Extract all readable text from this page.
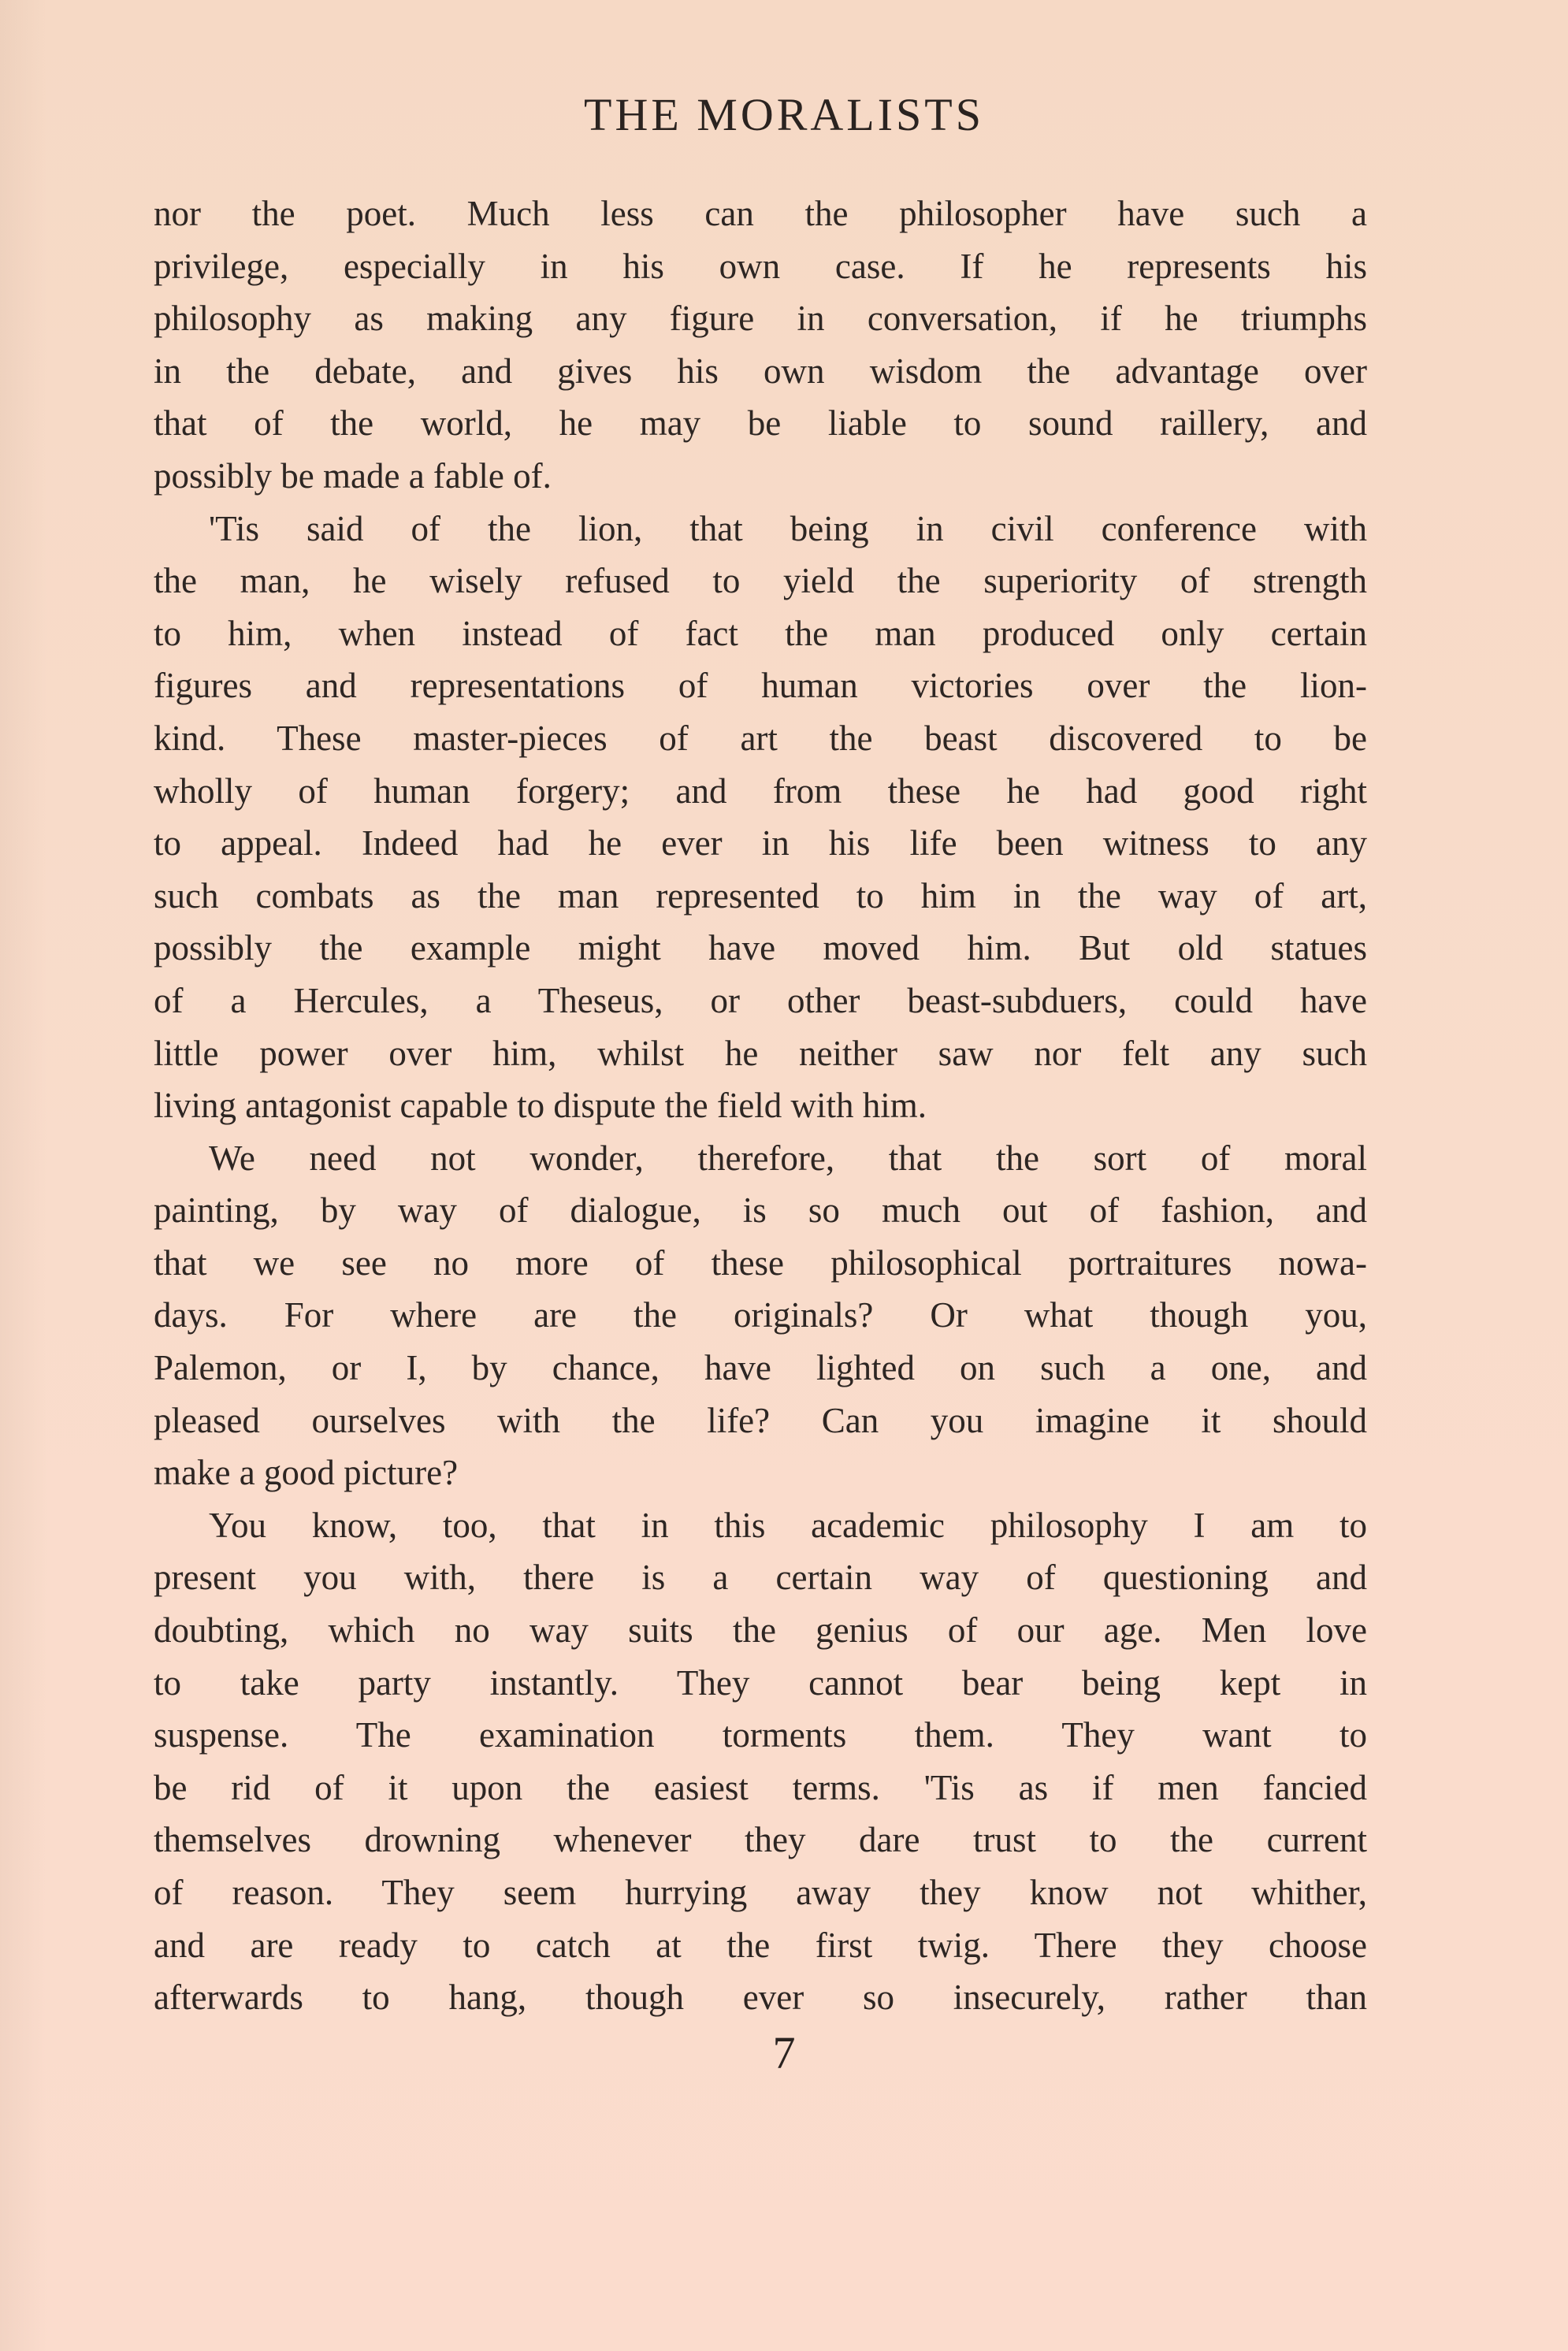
THE MORALISTS
nor the poet. Much less can the philosopher have such a
privilege, especially in his own case. If he represents his
philosophy as making any figure in conversation, if he triumphs
in the debate, and gives his own wisdom the advantage over
that of the world, he may be liable to sound raillery, and
possibly be made a fable of.
'Tis said of the lion, that being in civil conference with
the man, he wisely refused to yield the superiority of strength
to him, when instead of fact the man produced only certain
figures and representations of human victories over the lion-
kind. These master-pieces of art the beast discovered to be
wholly of human forgery; and from these he had good right
to appeal. Indeed had he ever in his life been witness to any
such combats as the man represented to him in the way of art,
possibly the example might have moved him. But old statues
of a Hercules, a Theseus, or other beast-subduers, could have
little power over him, whilst he neither saw nor felt any such
living antagonist capable to dispute the field with him.
We need not wonder, therefore, that the sort of moral
painting, by way of dialogue, is so much out of fashion, and
that we see no more of these philosophical portraitures nowa-
days. For where are the originals? Or what though you,
Palemon, or I, by chance, have lighted on such a one, and
pleased ourselves with the life? Can you imagine it should
make a good picture?
You know, too, that in this academic philosophy I am to
present you with, there is a certain way of questioning and
doubting, which no way suits the genius of our age. Men love
to take party instantly. They cannot bear being kept in
suspense. The examination torments them. They want to
be rid of it upon the easiest terms. 'Tis as if men fancied
themselves drowning whenever they dare trust to the current
of reason. They seem hurrying away they know not whither,
and are ready to catch at the first twig. There they choose
afterwards to hang, though ever so insecurely, rather than
7
